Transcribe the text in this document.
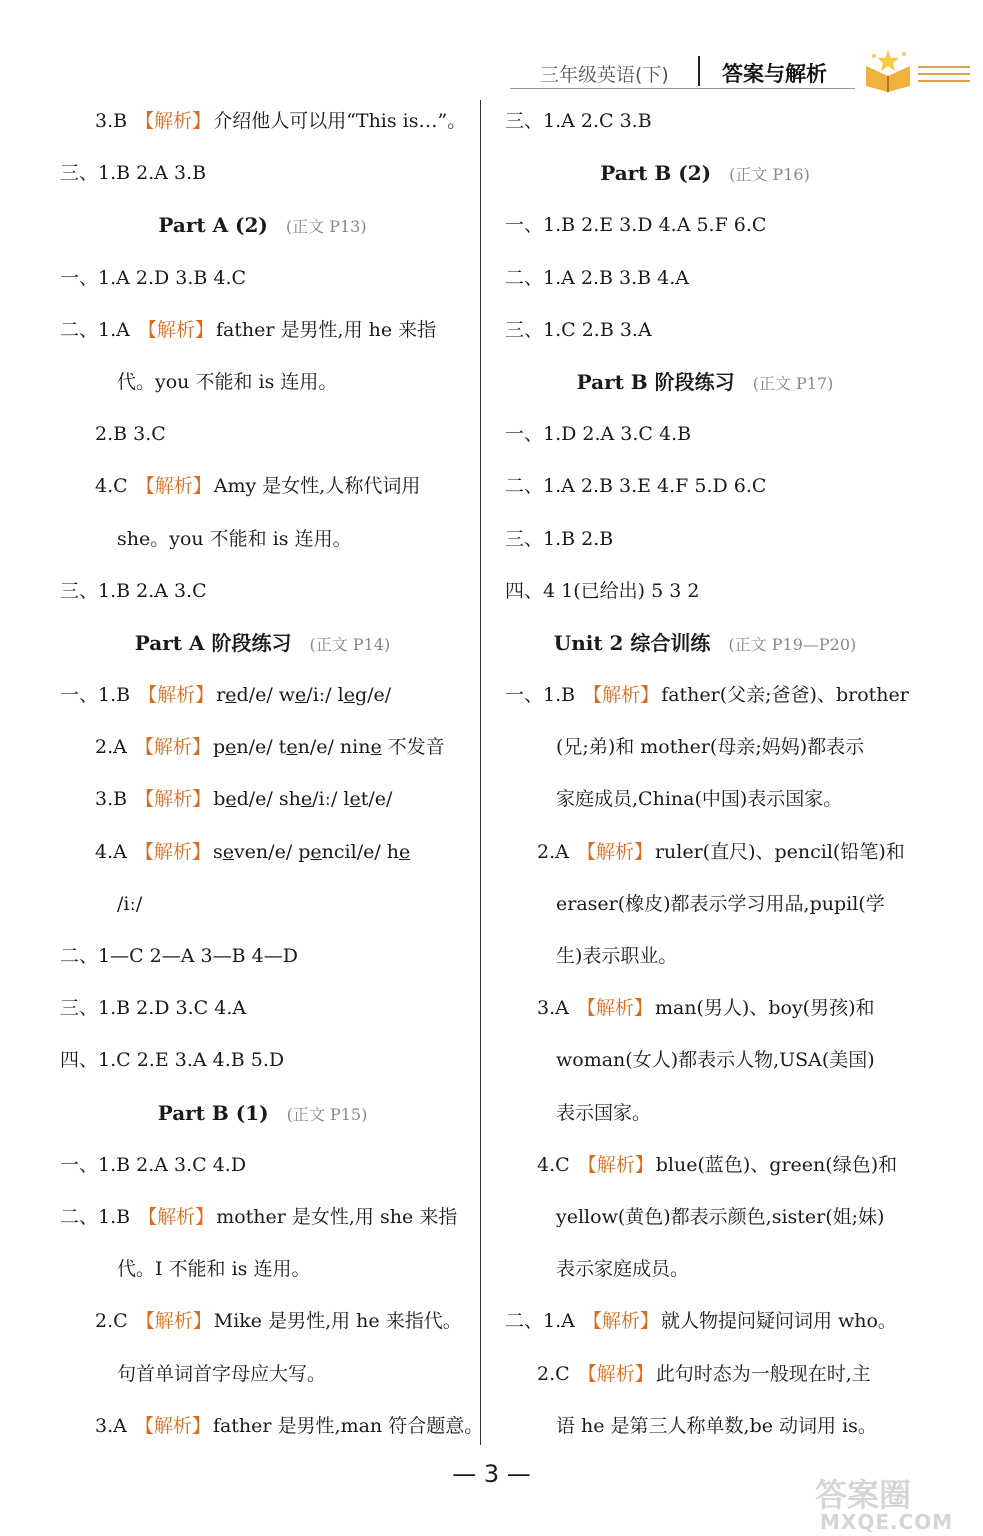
三年级英语(下)	答案与解析
3.B 【 解析 】 介绍他人可以用“This is…”。
三、1.B 2.A 3.B
Part A (2) (正文 P13)
一、1.A 2.D 3.B 4.C
二、1.A 【 解析 】 father 是男性,用 he 来指
代。you 不能和 is 连用。
2.B 3.C
4.C 【 解析 】 Amy 是女性,人称代词用
she。you 不能和 is 连用。
三、1.B 2.A 3.C
Part A 阶段练习 (正文 P14)
一、1.B 【 解析 】 red/e/ we/iː/ leg/e/
2.A 【 解析 】 pen/e/ ten/e/ nine 不发音
3.B 【 解析 】 bed/e/ she/iː/ let/e/
4.A 【 解析 】 seven/e/ pencil/e/ he
/iː/
二、1—C 2—A 3—B 4—D
三、1.B 2.D 3.C 4.A
四、1.C 2.E 3.A 4.B 5.D
Part B (1) (正文 P15)
一、1.B 2.A 3.C 4.D
二、1.B 【 解析 】 mother 是女性,用 she 来指
代。I 不能和 is 连用。
2.C 【 解析 】 Mike 是男性,用 he 来指代。
句首单词首字母应大写。
3.A 【 解析 】 father 是男性,man 符合题意。
三、1.A 2.C 3.B
Part B (2) (正文 P16)
一、1.B 2.E 3.D 4.A 5.F 6.C
二、1.A 2.B 3.B 4.A
三、1.C 2.B 3.A
Part B 阶段练习 (正文 P17)
一、1.D 2.A 3.C 4.B
二、1.A 2.B 3.E 4.F 5.D 6.C
三、1.B 2.B
四、4 1(已给出) 5 3 2
Unit 2 综合训练 (正文 P19—P20)
一、1.B 【 解析 】 father(父亲;爸爸)、brother
(兄;弟)和 mother(母亲;妈妈)都表示
家庭成员,China(中国)表示国家。
2.A 【 解析 】 ruler(直尺)、pencil(铅笔)和
eraser(橡皮)都表示学习用品,pupil(学
生)表示职业。
3.A 【 解析 】 man(男人)、boy(男孩)和
woman(女人)都表示人物,USA(美国)
表示国家。
4.C 【 解析 】 blue(蓝色)、green(绿色)和
yellow(黄色)都表示颜色,sister(姐;妹)
表示家庭成员。
二、1.A 【 解析 】 就人物提问疑问词用 who。
2.C 【 解析 】 此句时态为一般现在时,主
语 he 是第三人称单数,be 动词用 is。
— 3 —
答案圈
MXQE.COM
